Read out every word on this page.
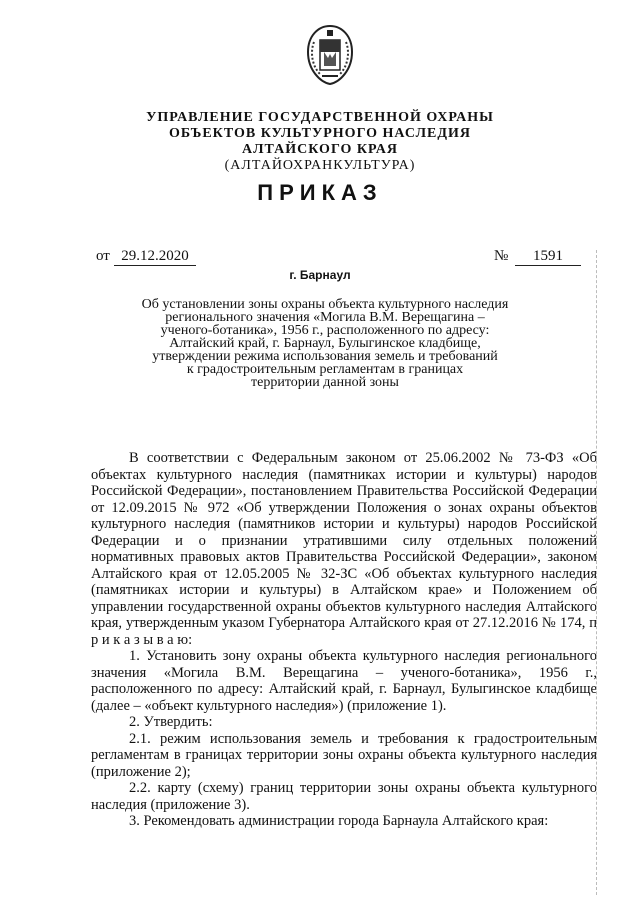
УПРАВЛЕНИЕ ГОСУДАРСТВЕННОЙ ОХРАНЫ
ОБЪЕКТОВ КУЛЬТУРНОГО НАСЛЕДИЯ
АЛТАЙСКОГО КРАЯ
(АЛТАЙОХРАНКУЛЬТУРА)
ПРИКАЗ
от 29.12.2020	№	1591
г. Барнаул
Об установлении зоны охраны объекта культурного наследия
регионального значения «Могила В.М. Верещагина –
ученого-ботаника», 1956 г., расположенного по адресу:
Алтайский край, г. Барнаул, Булыгинское кладбище,
утверждении режима использования земель и требований
к градостроительным регламентам в границах
территории данной зоны

В соответствии с Федеральным законом от 25.06.2002 № 73-ФЗ «Об объектах культурного наследия (памятниках истории и культуры) народов Российской Федерации», постановлением Правительства Российской Федерации от 12.09.2015 № 972 «Об утверждении Положения о зонах охраны объектов культурного наследия (памятников истории и культуры) народов Российской Федерации и о признании утратившими силу отдельных положений нормативных правовых актов Правительства Российской Федерации», законом Алтайского края от 12.05.2005 № 32-ЗС «Об объектах культурного наследия (памятниках истории и культуры) в Алтайском крае» и Положением об управлении государственной охраны объектов культурного наследия Алтайского края, утвержденным указом Губернатора Алтайского края от 27.12.2016 № 174, п р и к а з ы в а ю:

1. Установить зону охраны объекта культурного наследия регионального значения «Могила В.М. Верещагина – ученого-ботаника», 1956 г., расположенного по адресу: Алтайский край, г. Барнаул, Булыгинское кладбище (далее – «объект культурного наследия») (приложение 1).

2. Утвердить:

2.1. режим использования земель и требования к градостроительным регламентам в границах территории зоны охраны объекта культурного наследия (приложение 2);

2.2. карту (схему) границ территории зоны охраны объекта культурного наследия (приложение 3).

3. Рекомендовать администрации города Барнаула Алтайского края:
